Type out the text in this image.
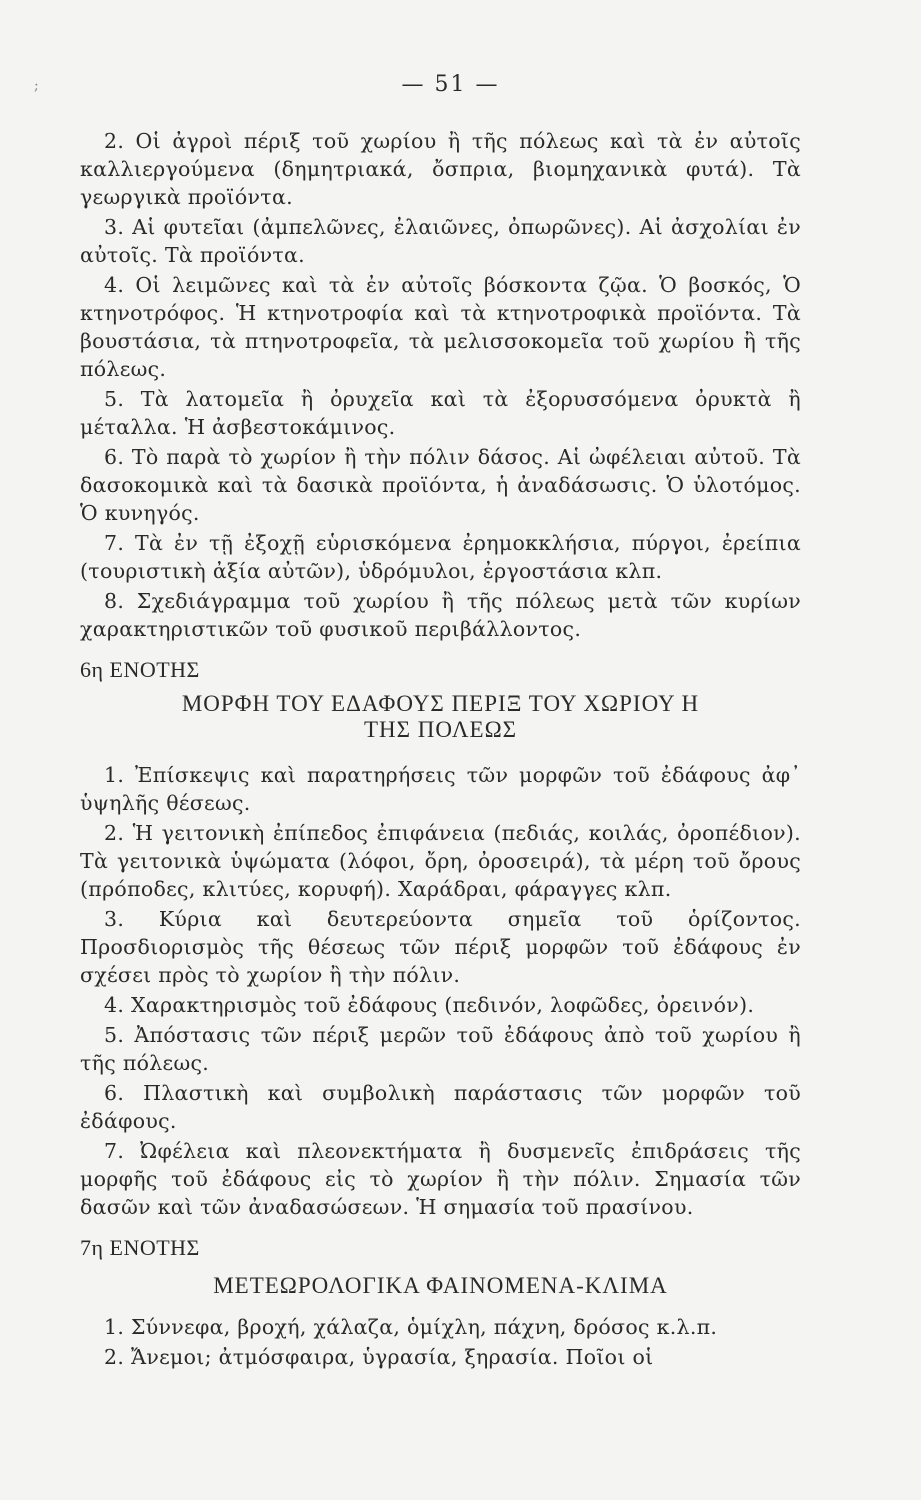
;	— 51 —

2. Οἱ ἀγροὶ πέριξ τοῦ χωρίου ἢ τῆς πόλεως καὶ τὰ ἐν αὐτοῖς καλλιεργούμενα (δημητριακά, ὄσπρια, βιομηχανικὰ φυτά). Τὰ γεωργικὰ προϊόντα.

3. Αἱ φυτεῖαι (ἀμπελῶνες, ἐλαιῶνες, ὀπωρῶνες). Αἱ ἀσχολίαι ἐν αὐτοῖς. Τὰ προϊόντα.

4. Οἱ λειμῶνες καὶ τὰ ἐν αὐτοῖς βόσκοντα ζῷα. Ὁ βοσκός, Ὁ κτηνοτρόφος. Ἡ κτηνοτροφία καὶ τὰ κτηνοτροφικὰ προϊόντα. Τὰ βουστάσια, τὰ πτηνοτροφεῖα, τὰ μελισσοκομεῖα τοῦ χωρίου ἢ τῆς πόλεως.

5. Τὰ λατομεῖα ἢ ὀρυχεῖα καὶ τὰ ἐξορυσσόμενα ὀρυκτὰ ἢ μέταλλα. Ἡ ἀσβεστοκάμινος.

6. Τὸ παρὰ τὸ χωρίον ἢ τὴν πόλιν δάσος. Αἱ ὠφέλειαι αὐτοῦ. Τὰ δασοκομικὰ καὶ τὰ δασικὰ προϊόντα, ἡ ἀναδάσωσις. Ὁ ὑλοτόμος. Ὁ κυνηγός.

7. Τὰ ἐν τῇ ἐξοχῇ εὑρισκόμενα ἐρημοκκλήσια, πύργοι, ἐρείπια (τουριστικὴ ἀξία αὐτῶν), ὑδρόμυλοι, ἐργοστάσια κλπ.

8. Σχεδιάγραμμα τοῦ χωρίου ἢ τῆς πόλεως μετὰ τῶν κυρίων χαρακτηριστικῶν τοῦ φυσικοῦ περιβάλλοντος.

6η ΕΝΟΤΗΣ
ΜΟΡΦΗ ΤΟΥ ΕΔΑΦΟΥΣ ΠΕΡΙΞ ΤΟΥ ΧΩΡΙΟΥ Η
ΤΗΣ ΠΟΛΕΩΣ

1. Ἐπίσκεψις καὶ παρατηρήσεις τῶν μορφῶν τοῦ ἐδάφους ἀφ᾿ ὑψηλῆς θέσεως.

2. Ἡ γειτονικὴ ἐπίπεδος ἐπιφάνεια (πεδιάς, κοιλάς, ὀροπέδιον). Τὰ γειτονικὰ ὑψώματα (λόφοι, ὄρη, ὀροσειρά), τὰ μέρη τοῦ ὄρους (πρόποδες, κλιτύες, κορυφή). Χαράδραι, φάραγγες κλπ.

3. Κύρια καὶ δευτερεύοντα σημεῖα τοῦ ὁρίζοντος. Προσδιορισμὸς τῆς θέσεως τῶν πέριξ μορφῶν τοῦ ἐδάφους ἐν σχέσει πρὸς τὸ χωρίον ἢ τὴν πόλιν.

4. Χαρακτηρισμὸς τοῦ ἐδάφους (πεδινόν, λοφῶδες, ὀρεινόν).

5. Ἀπόστασις τῶν πέριξ μερῶν τοῦ ἐδάφους ἀπὸ τοῦ χωρίου ἢ τῆς πόλεως.

6. Πλαστικὴ καὶ συμβολικὴ παράστασις τῶν μορφῶν τοῦ ἐδάφους.

7. Ὠφέλεια καὶ πλεονεκτήματα ἢ δυσμενεῖς ἐπιδράσεις τῆς μορφῆς τοῦ ἐδάφους εἰς τὸ χωρίον ἢ τὴν πόλιν. Σημασία τῶν δασῶν καὶ τῶν ἀναδασώσεων. Ἡ σημασία τοῦ πρασίνου.

7η ΕΝΟΤΗΣ
ΜΕΤΕΩΡΟΛΟΓΙΚΑ ΦΑΙΝΟΜΕΝΑ-ΚΛΙΜΑ

1. Σύννεφα, βροχή, χάλαζα, ὁμίχλη, πάχνη, δρόσος κ.λ.π.

2. Ἄνεμοι; ἀτμόσφαιρα, ὑγρασία, ξηρασία. Ποῖοι οἱ
